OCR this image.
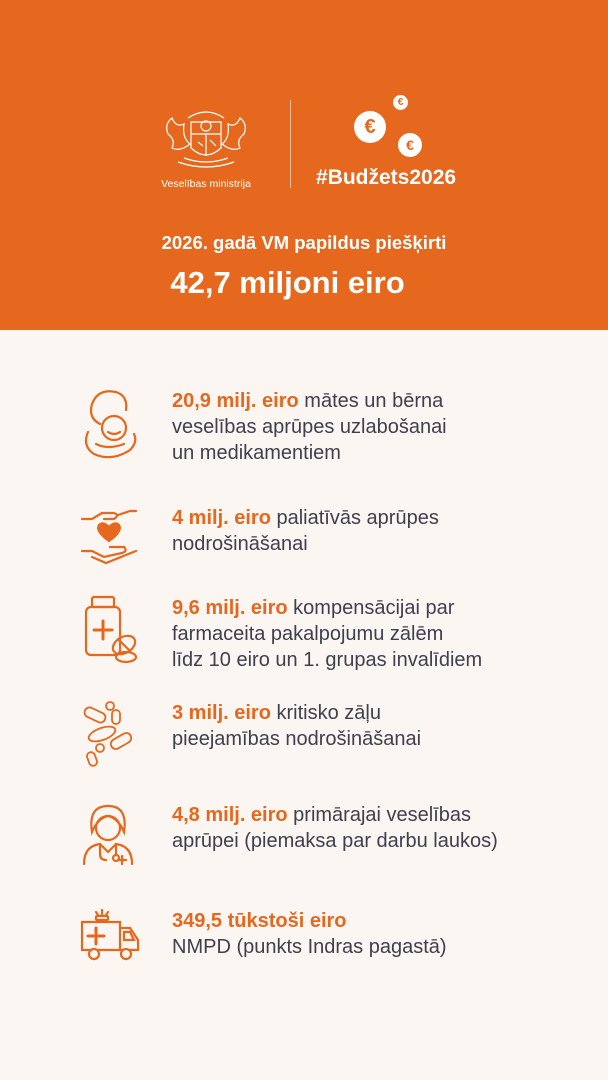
Veselības ministrija
€
€
€
#Budžets2026
2026. gadā VM papildus piešķirti
42,7 miljoni eiro
20,9 milj. eiro mātes un bērna
veselības aprūpes uzlabošanai
un medikamentiem
4 milj. eiro paliatīvās aprūpes
nodrošināšanai
9,6 milj. eiro kompensācijai par
farmaceita pakalpojumu zālēm
līdz 10 eiro un 1. grupas invalīdiem
3 milj. eiro kritisko zāļu
pieejamības nodrošināšanai
4,8 milj. eiro primārajai veselības
aprūpei (piemaksa par darbu laukos)
349,5 tūkstoši eiro
NMPD (punkts Indras pagastā)
